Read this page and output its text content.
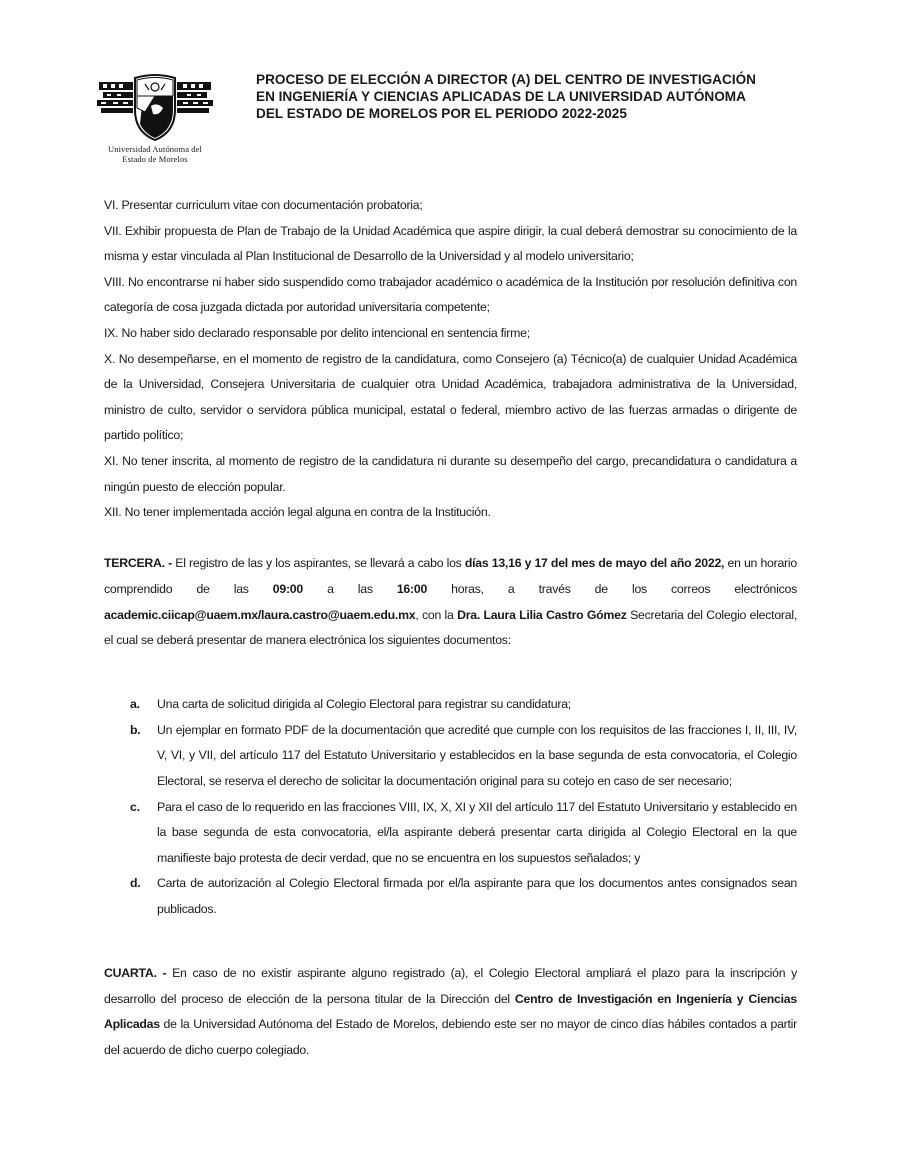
Universidad Autónoma del
Estado de Morelos
PROCESO DE ELECCIÓN A DIRECTOR (A) DEL CENTRO DE INVESTIGACIÓN
EN INGENIERÍA Y CIENCIAS APLICADAS DE LA UNIVERSIDAD AUTÓNOMA
DEL ESTADO DE MORELOS POR EL PERIODO 2022-2025

VI. Presentar curriculum vitae con documentación probatoria;

VII. Exhibir propuesta de Plan de Trabajo de la Unidad Académica que aspire dirigir, la cual deberá demostrar su conocimiento de la misma y estar vinculada al Plan Institucional de Desarrollo de la Universidad y al modelo universitario;

VIII. No encontrarse ni haber sido suspendido como trabajador académico o académica de la Institución por resolución definitiva con categoría de cosa juzgada dictada por autoridad universitaria competente;

IX. No haber sido declarado responsable por delito intencional en sentencia firme;

X. No desempeñarse, en el momento de registro de la candidatura, como Consejero (a) Técnico(a) de cualquier Unidad Académica de la Universidad, Consejera Universitaria de cualquier otra Unidad Académica, trabajadora administrativa de la Universidad, ministro de culto, servidor o servidora pública municipal, estatal o federal, miembro activo de las fuerzas armadas o dirigente de partido político;

XI. No tener inscrita, al momento de registro de la candidatura ni durante su desempeño del cargo, precandidatura o candidatura a ningún puesto de elección popular.

XII. No tener implementada acción legal alguna en contra de la Institución.

TERCERA. - El registro de las y los aspirantes, se llevará a cabo los días 13,16 y 17 del mes de mayo del año 2022, en un horario comprendido de las 09:00 a las 16:00 horas, a través de los correos electrónicos academic.ciicap@uaem.mx/laura.castro@uaem.edu.mx, con la Dra. Laura Lilia Castro Gómez Secretaria del Colegio electoral, el cual se deberá presentar de manera electrónica los siguientes documentos:

a. Una carta de solicitud dirigida al Colegio Electoral para registrar su candidatura;
b. Un ejemplar en formato PDF de la documentación que acredité que cumple con los requisitos de las fracciones I, II, III, IV, V, VI, y VII, del artículo 117 del Estatuto Universitario y establecidos en la base segunda de esta convocatoria, el Colegio Electoral, se reserva el derecho de solicitar la documentación original para su cotejo en caso de ser necesario;
c. Para el caso de lo requerido en las fracciones VIII, IX, X, XI y XII del artículo 117 del Estatuto Universitario y establecido en la base segunda de esta convocatoria, el/la aspirante deberá presentar carta dirigida al Colegio Electoral en la que manifieste bajo protesta de decir verdad, que no se encuentra en los supuestos señalados; y
d. Carta de autorización al Colegio Electoral firmada por el/la aspirante para que los documentos antes consignados sean publicados.

CUARTA. - En caso de no existir aspirante alguno registrado (a), el Colegio Electoral ampliará el plazo para la inscripción y desarrollo del proceso de elección de la persona titular de la Dirección del Centro de Investigación en Ingeniería y Ciencias Aplicadas de la Universidad Autónoma del Estado de Morelos, debiendo este ser no mayor de cinco días hábiles contados a partir del acuerdo de dicho cuerpo colegiado.
